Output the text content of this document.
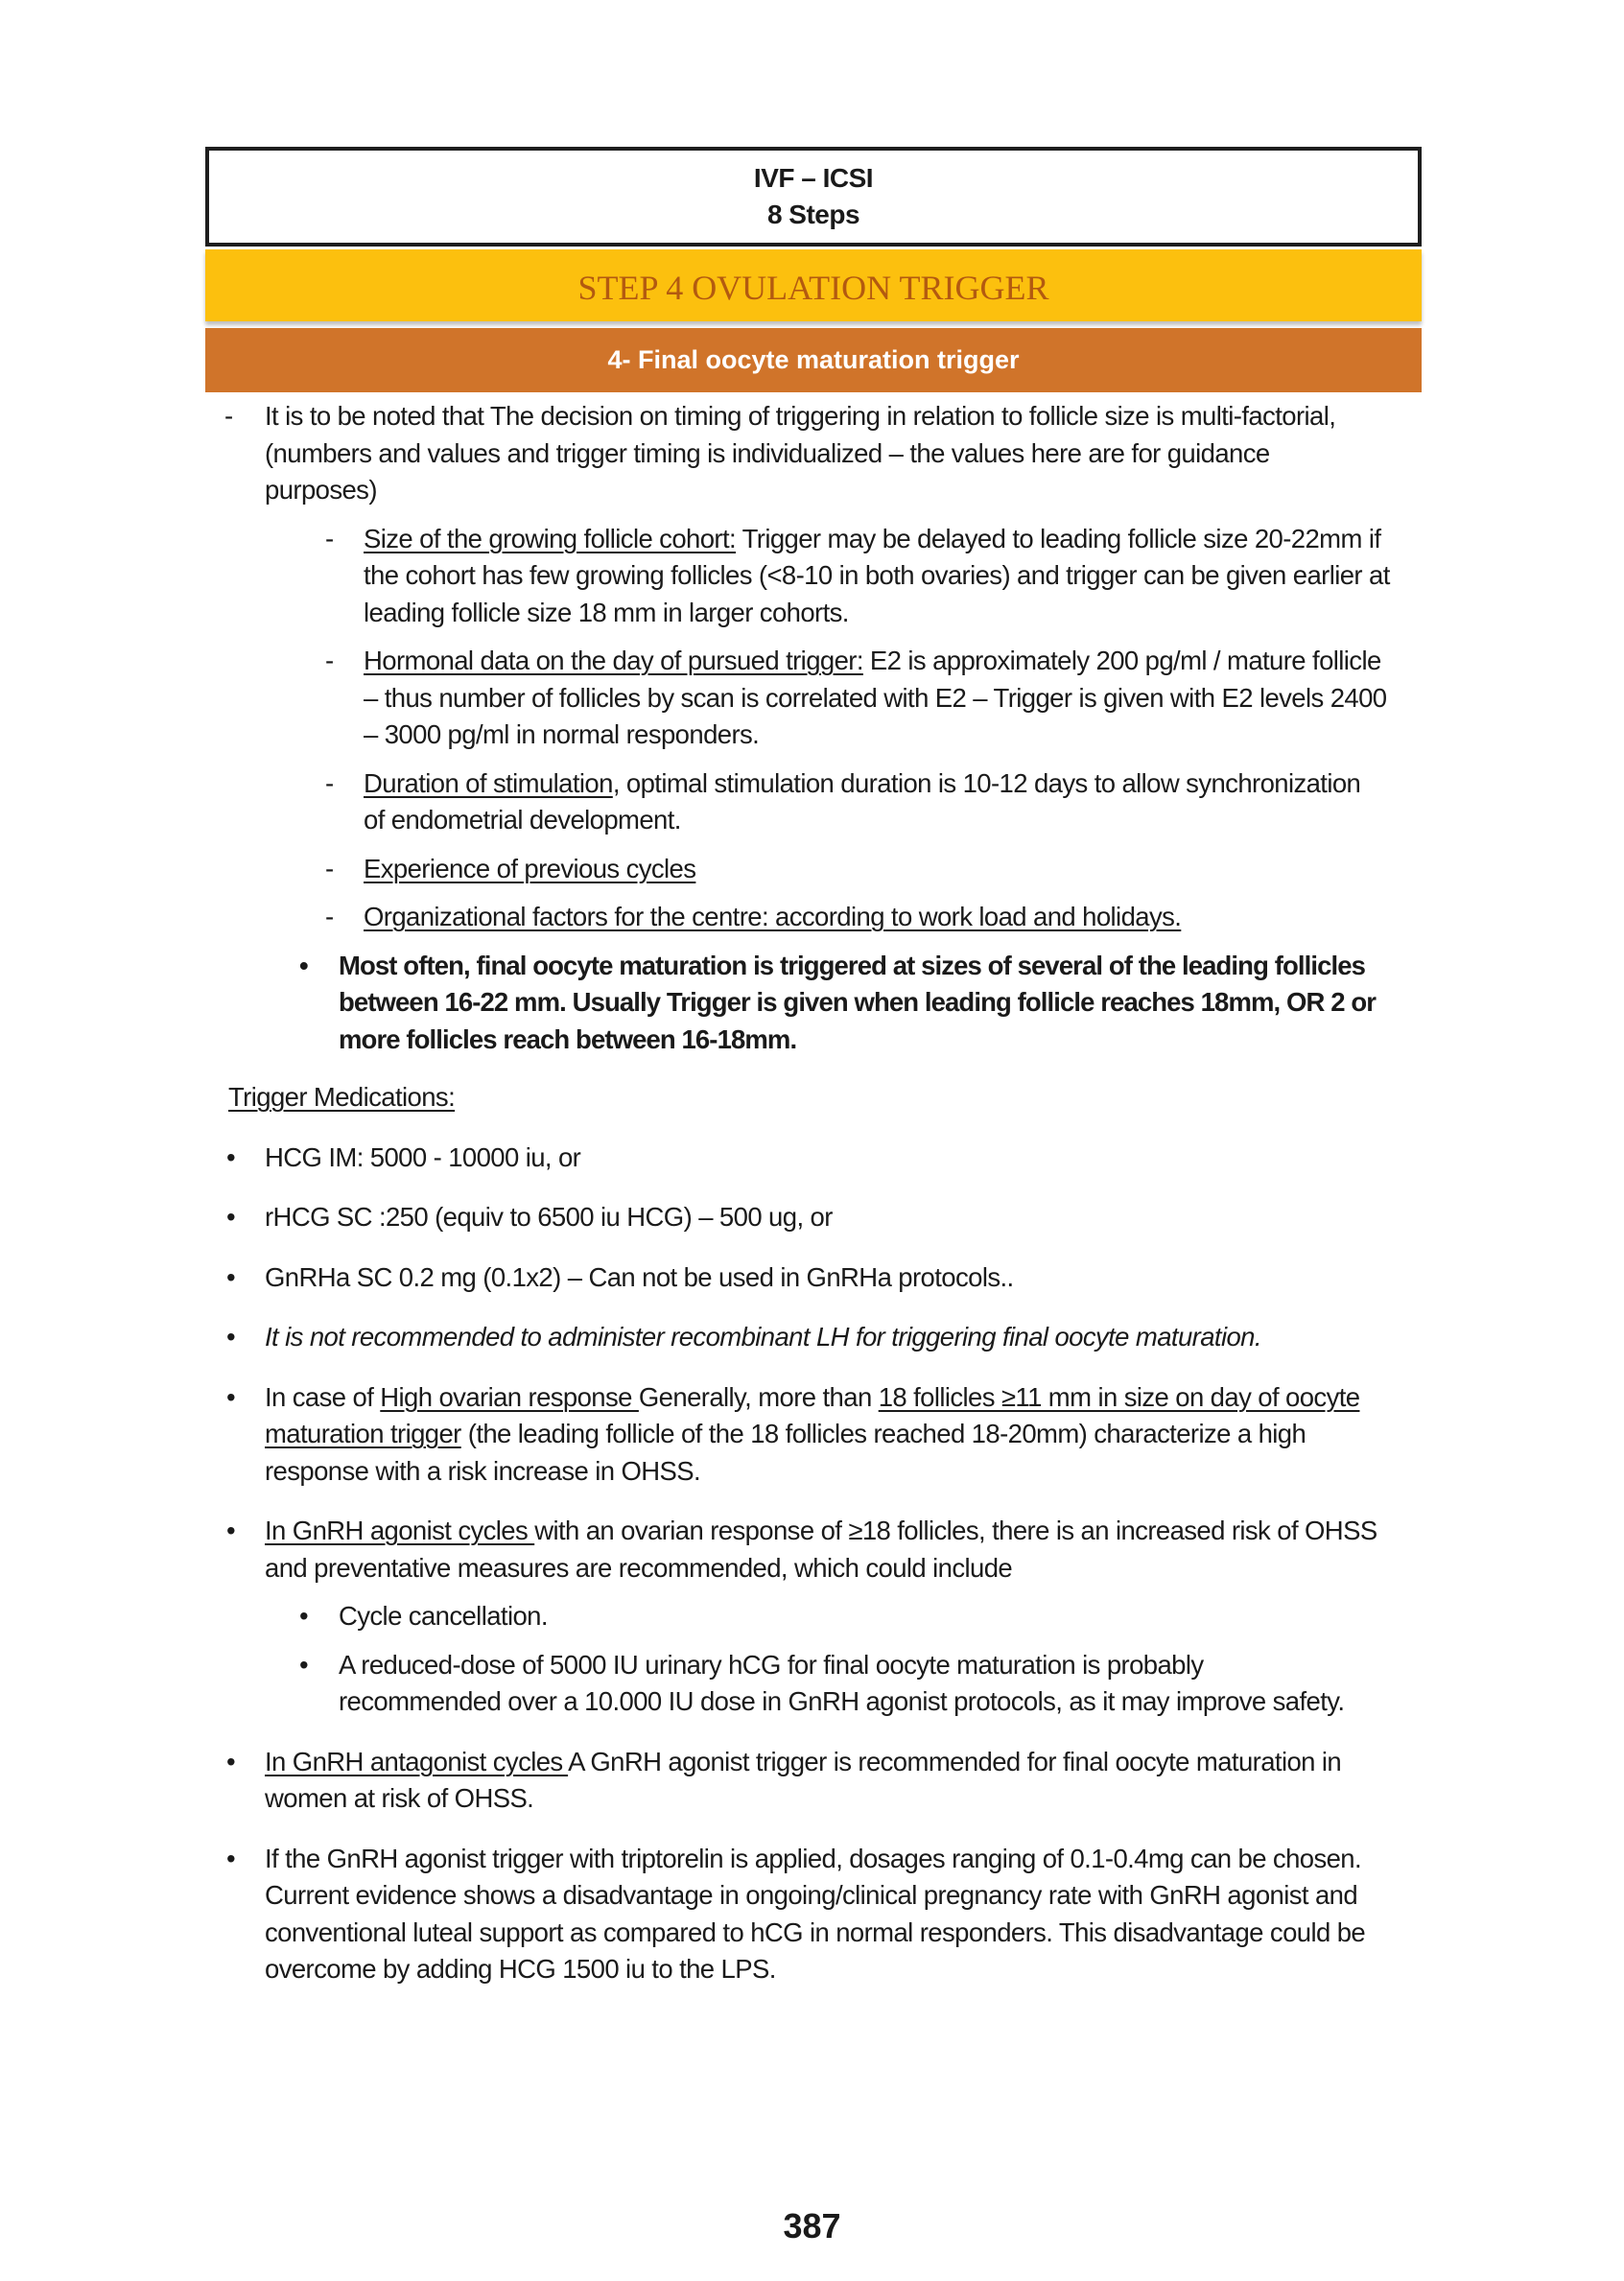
IVF – ICSI
8 Steps
STEP 4 OVULATION TRIGGER
4- Final oocyte maturation trigger
- It is to be noted that The decision on timing of triggering in relation to follicle size is multi-factorial, (numbers and values and trigger timing is individualized – the values here are for guidance purposes)
- Size of the growing follicle cohort: Trigger may be delayed to leading follicle size 20-22mm if the cohort has few growing follicles (<8-10 in both ovaries) and trigger can be given earlier at leading follicle size 18 mm in larger cohorts.
- Hormonal data on the day of pursued trigger: E2 is approximately 200 pg/ml / mature follicle – thus number of follicles by scan is correlated with E2 – Trigger is given with E2 levels 2400 – 3000 pg/ml in normal responders.
- Duration of stimulation, optimal stimulation duration is 10-12 days to allow synchronization of endometrial development.
- Experience of previous cycles
- Organizational factors for the centre: according to work load and holidays.
• Most often, final oocyte maturation is triggered at sizes of several of the leading follicles between 16-22 mm. Usually Trigger is given when leading follicle reaches 18mm, OR 2 or more follicles reach between 16-18mm.
Trigger Medications:
• HCG IM: 5000 - 10000 iu, or
• rHCG SC :250 (equiv to 6500 iu HCG) – 500 ug, or
• GnRHa SC 0.2 mg (0.1x2) – Can not be used in GnRHa protocols..
• It is not recommended to administer recombinant LH for triggering final oocyte maturation.
• In case of High ovarian response Generally, more than 18 follicles ≥11 mm in size on day of oocyte maturation trigger (the leading follicle of the 18 follicles reached 18-20mm) characterize a high response with a risk increase in OHSS.
• In GnRH agonist cycles with an ovarian response of ≥18 follicles, there is an increased risk of OHSS and preventative measures are recommended, which could include
• Cycle cancellation.
• A reduced-dose of 5000 IU urinary hCG for final oocyte maturation is probably recommended over a 10.000 IU dose in GnRH agonist protocols, as it may improve safety.
• In GnRH antagonist cycles A GnRH agonist trigger is recommended for final oocyte maturation in women at risk of OHSS.
• If the GnRH agonist trigger with triptorelin is applied, dosages ranging of 0.1-0.4mg can be chosen. Current evidence shows a disadvantage in ongoing/clinical pregnancy rate with GnRH agonist and conventional luteal support as compared to hCG in normal responders. This disadvantage could be overcome by adding HCG 1500 iu to the LPS.
387
